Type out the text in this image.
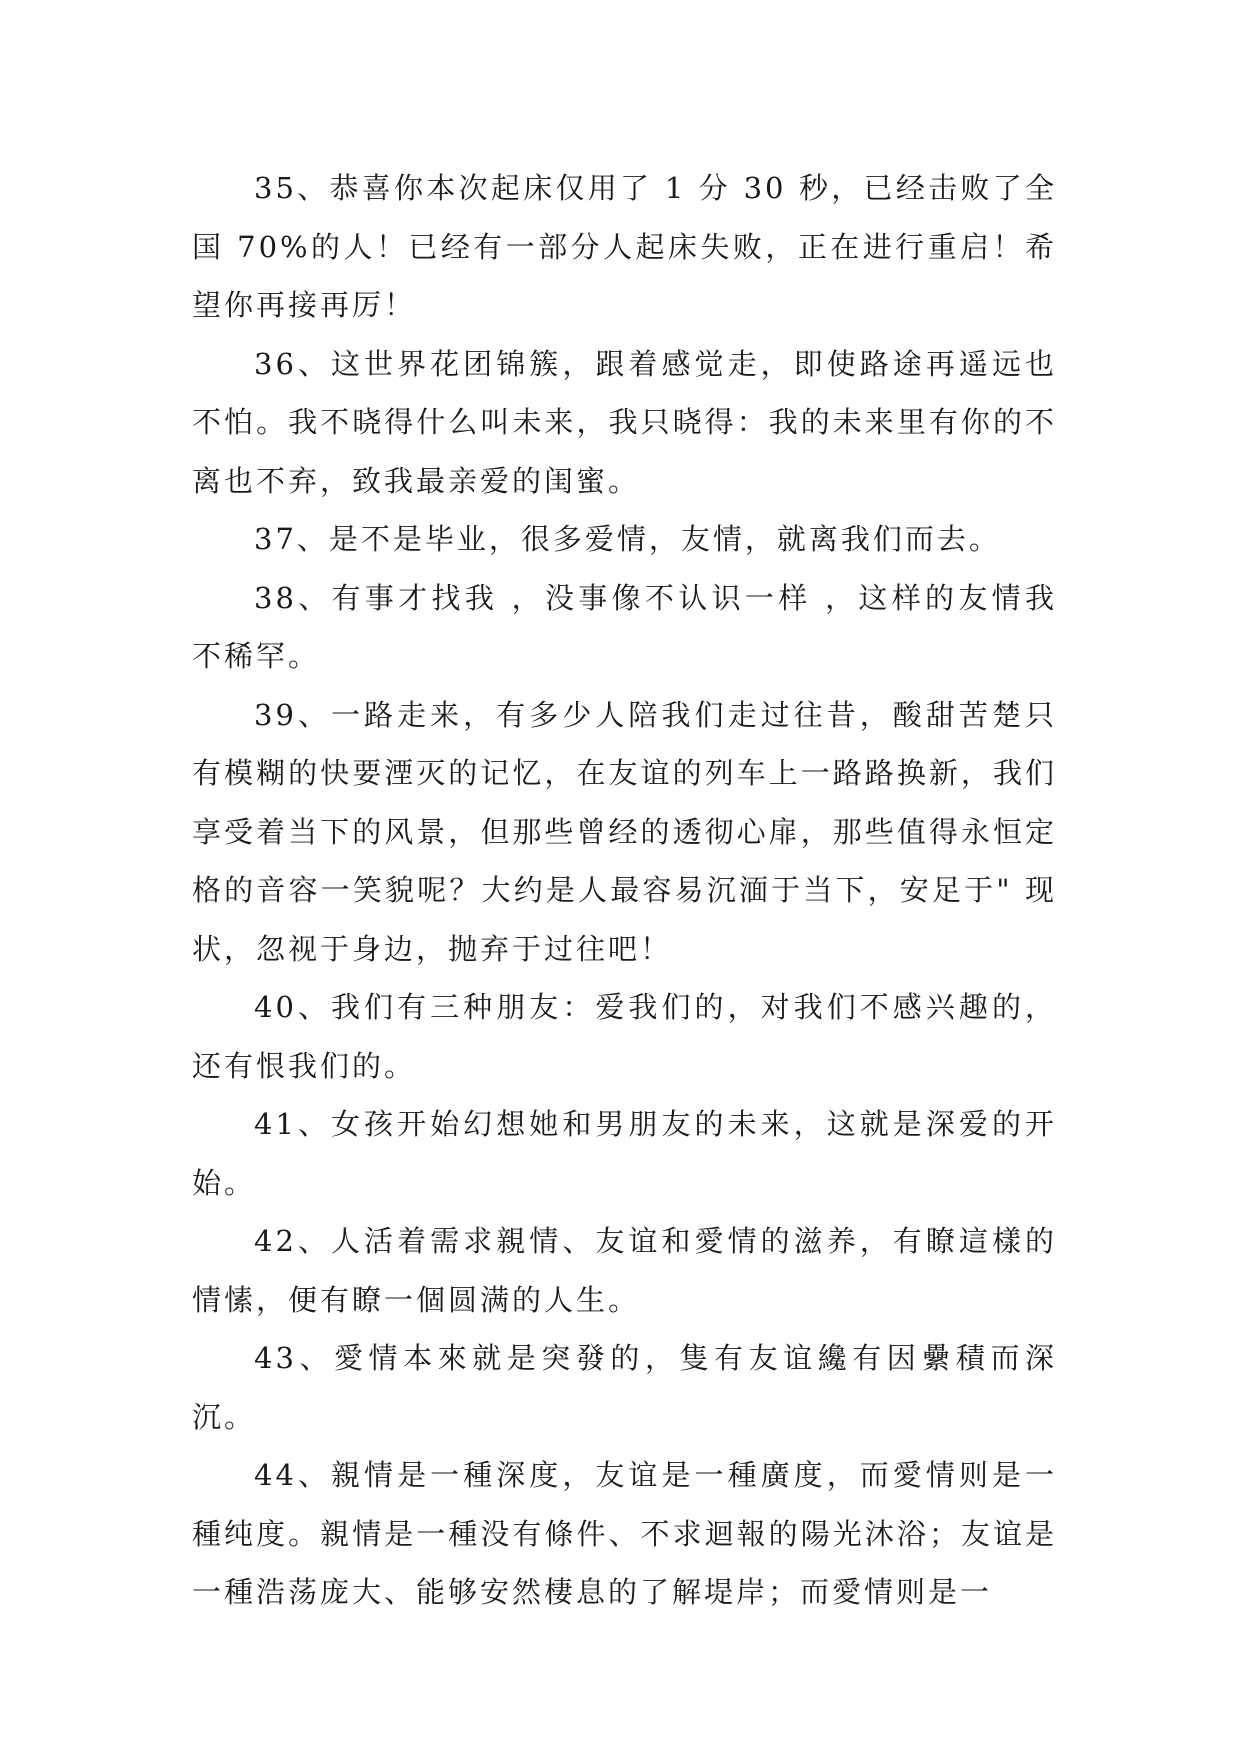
35、恭喜你本次起床仅用了 1 分 30 秒，已经击败了全国 70%的人！已经有一部分人起床失败，正在进行重启！希望你再接再厉！

36、这世界花团锦簇，跟着感觉走，即使路途再遥远也不怕。我不晓得什么叫未来，我只晓得：我的未来里有你的不离也不弃，致我最亲爱的闺蜜。

37、是不是毕业，很多爱情，友情，就离我们而去。

38、有事才找我 ，没事像不认识一样 ，这样的友情我不稀罕。

39、一路走来，有多少人陪我们走过往昔，酸甜苦楚只有模糊的快要湮灭的记忆，在友谊的列车上一路路换新，我们享受着当下的风景，但那些曾经的透彻心扉，那些值得永恒定格的音容一笑貌呢？大约是人最容易沉湎于当下，安足于" 现 状，忽视于身边，抛弃于过往吧！

40、我们有三种朋友：爱我们的，对我们不感兴趣的，还有恨我们的。

41、女孩开始幻想她和男朋友的未来，这就是深爱的开始。

42、人活着需求親情、友谊和愛情的滋养，有瞭這樣的情愫，便有瞭一個圆满的人生。

43、愛情本來就是突發的，隻有友谊纔有因纍積而深沉。

44、親情是一種深度，友谊是一種廣度，而愛情则是一種纯度。親情是一種没有條件、不求迴報的陽光沐浴；友谊是一種浩荡庞大、能够安然棲息的了解堤岸；而愛情则是一
